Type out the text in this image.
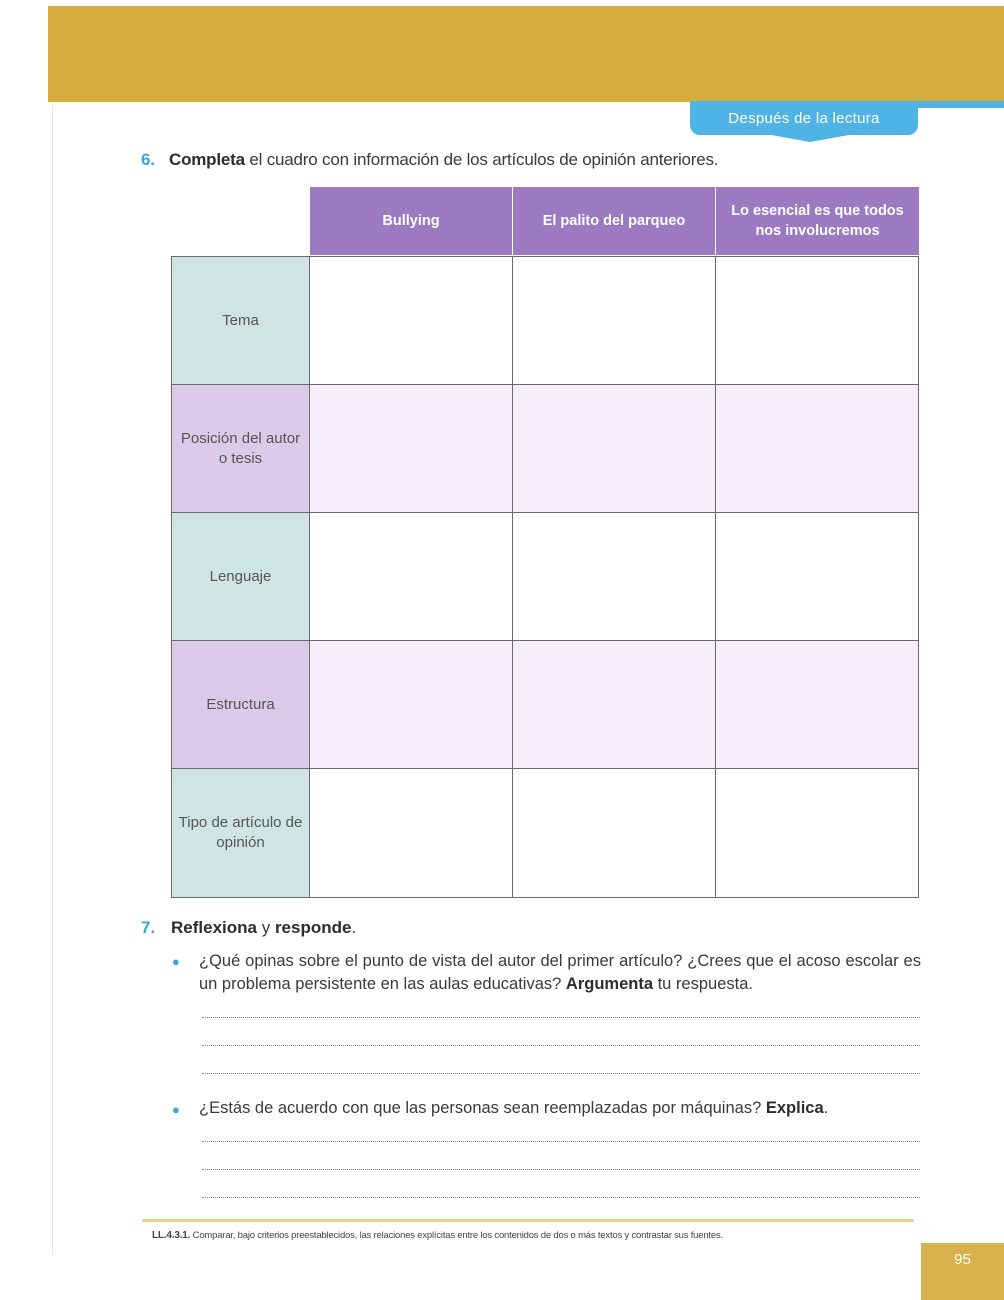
Después de la lectura
6. Completa el cuadro con información de los artículos de opinión anteriores.
Bullying	El palito del parqueo
Lo esencial es que todos nos involucremos
Tema
Posición del autor o tesis
Lenguaje
Estructura
Tipo de artículo de opinión
7. Reflexiona y responde.
● ¿Qué opinas sobre el punto de vista del autor del primer artículo? ¿Crees que el acoso escolar es un problema persistente en las aulas educativas? Argumenta tu respuesta.
● ¿Estás de acuerdo con que las personas sean reemplazadas por máquinas? Explica.
LL.4.3.1. Comparar, bajo criterios preestablecidos, las relaciones explícitas entre los contenidos de dos o más textos y contrastar sus fuentes.
95
